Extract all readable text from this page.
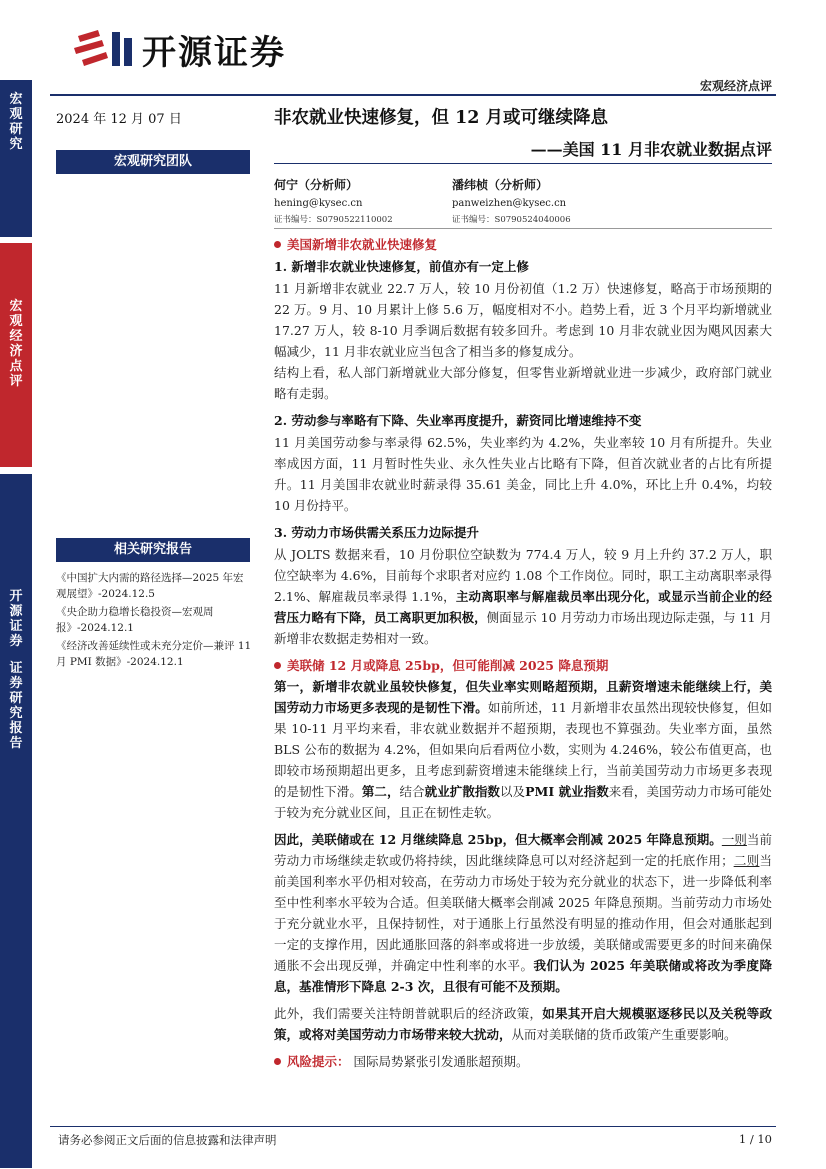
开源证券
宏观经济点评
宏
观
研
究
宏
观
经
济
点
评
开
源
证
券
证
券
研
究
报
告
2024 年 12 月 07 日
宏观研究团队
相关研究报告
《中国扩大内需的路径选择—2025 年宏观展望》-2024.12.5
《央企助力稳增长稳投资—宏观周报》-2024.12.1
《经济改善延续性或未充分定价—兼评 11 月 PMI 数据》-2024.12.1
非农就业快速修复，但 12 月或可继续降息
——美国 11 月非农就业数据点评
何宁（分析师）
hening@kysec.cn
证书编号：S0790522110002
潘纬桢（分析师）
panweizhen@kysec.cn
证书编号：S0790524040006
美国新增非农就业快速修复
1. 新增非农就业快速修复，前值亦有一定上修

11 月新增非农就业 22.7 万人，较 10 月份初值（1.2 万）快速修复，略高于市场预期的 22 万。9 月、10 月累计上修 5.6 万，幅度相对不小。趋势上看，近 3 个月平均新增就业 17.27 万人，较 8-10 月季调后数据有较多回升。考虑到 10 月非农就业因为飓风因素大幅减少，11 月非农就业应当包含了相当多的修复成分。

结构上看，私人部门新增就业大部分修复，但零售业新增就业进一步减少，政府部门就业略有走弱。

2. 劳动参与率略有下降、失业率再度提升，薪资同比增速维持不变
11 月美国劳动参与率录得 62.5%，失业率约为 4.2%，失业率较 10 月有所提升。失业率成因方面，11 月暂时性失业、永久性失业占比略有下降，但首次就业者的占比有所提升。11 月美国非农就业时薪录得 35.61 美金，同比上升 4.0%，环比上升 0.4%，均较 10 月份持平。
3. 劳动力市场供需关系压力边际提升
从 JOLTS 数据来看，10 月份职位空缺数为 774.4 万人，较 9 月上升约 37.2 万人，职位空缺率为 4.6%，目前每个求职者对应约 1.08 个工作岗位。同时，职工主动离职率录得 2.1%、解雇裁员率录得 1.1%，主动离职率与解雇裁员率出现分化，或显示当前企业的经营压力略有下降，员工离职更加积极，侧面显示 10 月劳动力市场出现边际走强，与 11 月新增非农数据走势相对一致。
美联储 12 月或降息 25bp，但可能削减 2025 降息预期
第一，新增非农就业虽较快修复，但失业率实则略超预期，且薪资增速未能继续上行，美国劳动力市场更多表现的是韧性下滑。如前所述，11 月新增非农虽然出现较快修复，但如果 10-11 月平均来看，非农就业数据并不超预期，表现也不算强劲。失业率方面，虽然 BLS 公布的数据为 4.2%，但如果向后看两位小数，实则为 4.246%，较公布值更高，也即较市场预期超出更多，且考虑到薪资增速未能继续上行，当前美国劳动力市场更多表现的是韧性下滑。第二，结合就业扩散指数以及PMI 就业指数来看，美国劳动力市场可能处于较为充分就业区间，且正在韧性走软。
因此，美联储或在 12 月继续降息 25bp，但大概率会削减 2025 年降息预期。一则当前劳动力市场继续走软或仍将持续，因此继续降息可以对经济起到一定的托底作用；二则当前美国利率水平仍相对较高，在劳动力市场处于较为充分就业的状态下，进一步降低利率至中性利率水平较为合适。但美联储大概率会削减 2025 年降息预期。当前劳动力市场处于充分就业水平，且保持韧性，对于通胀上行虽然没有明显的推动作用，但会对通胀起到一定的支撑作用，因此通胀回落的斜率或将进一步放缓，美联储或需要更多的时间来确保通胀不会出现反弹，并确定中性利率的水平。我们认为 2025 年美联储或将改为季度降息，基准情形下降息 2-3 次，且很有可能不及预期。
此外，我们需要关注特朗普就职后的经济政策，如果其开启大规模驱逐移民以及关税等政策，或将对美国劳动力市场带来较大扰动，从而对美联储的货币政策产生重要影响。
风险提示： 国际局势紧张引发通胀超预期。
请务必参阅正文后面的信息披露和法律声明	1 / 10
